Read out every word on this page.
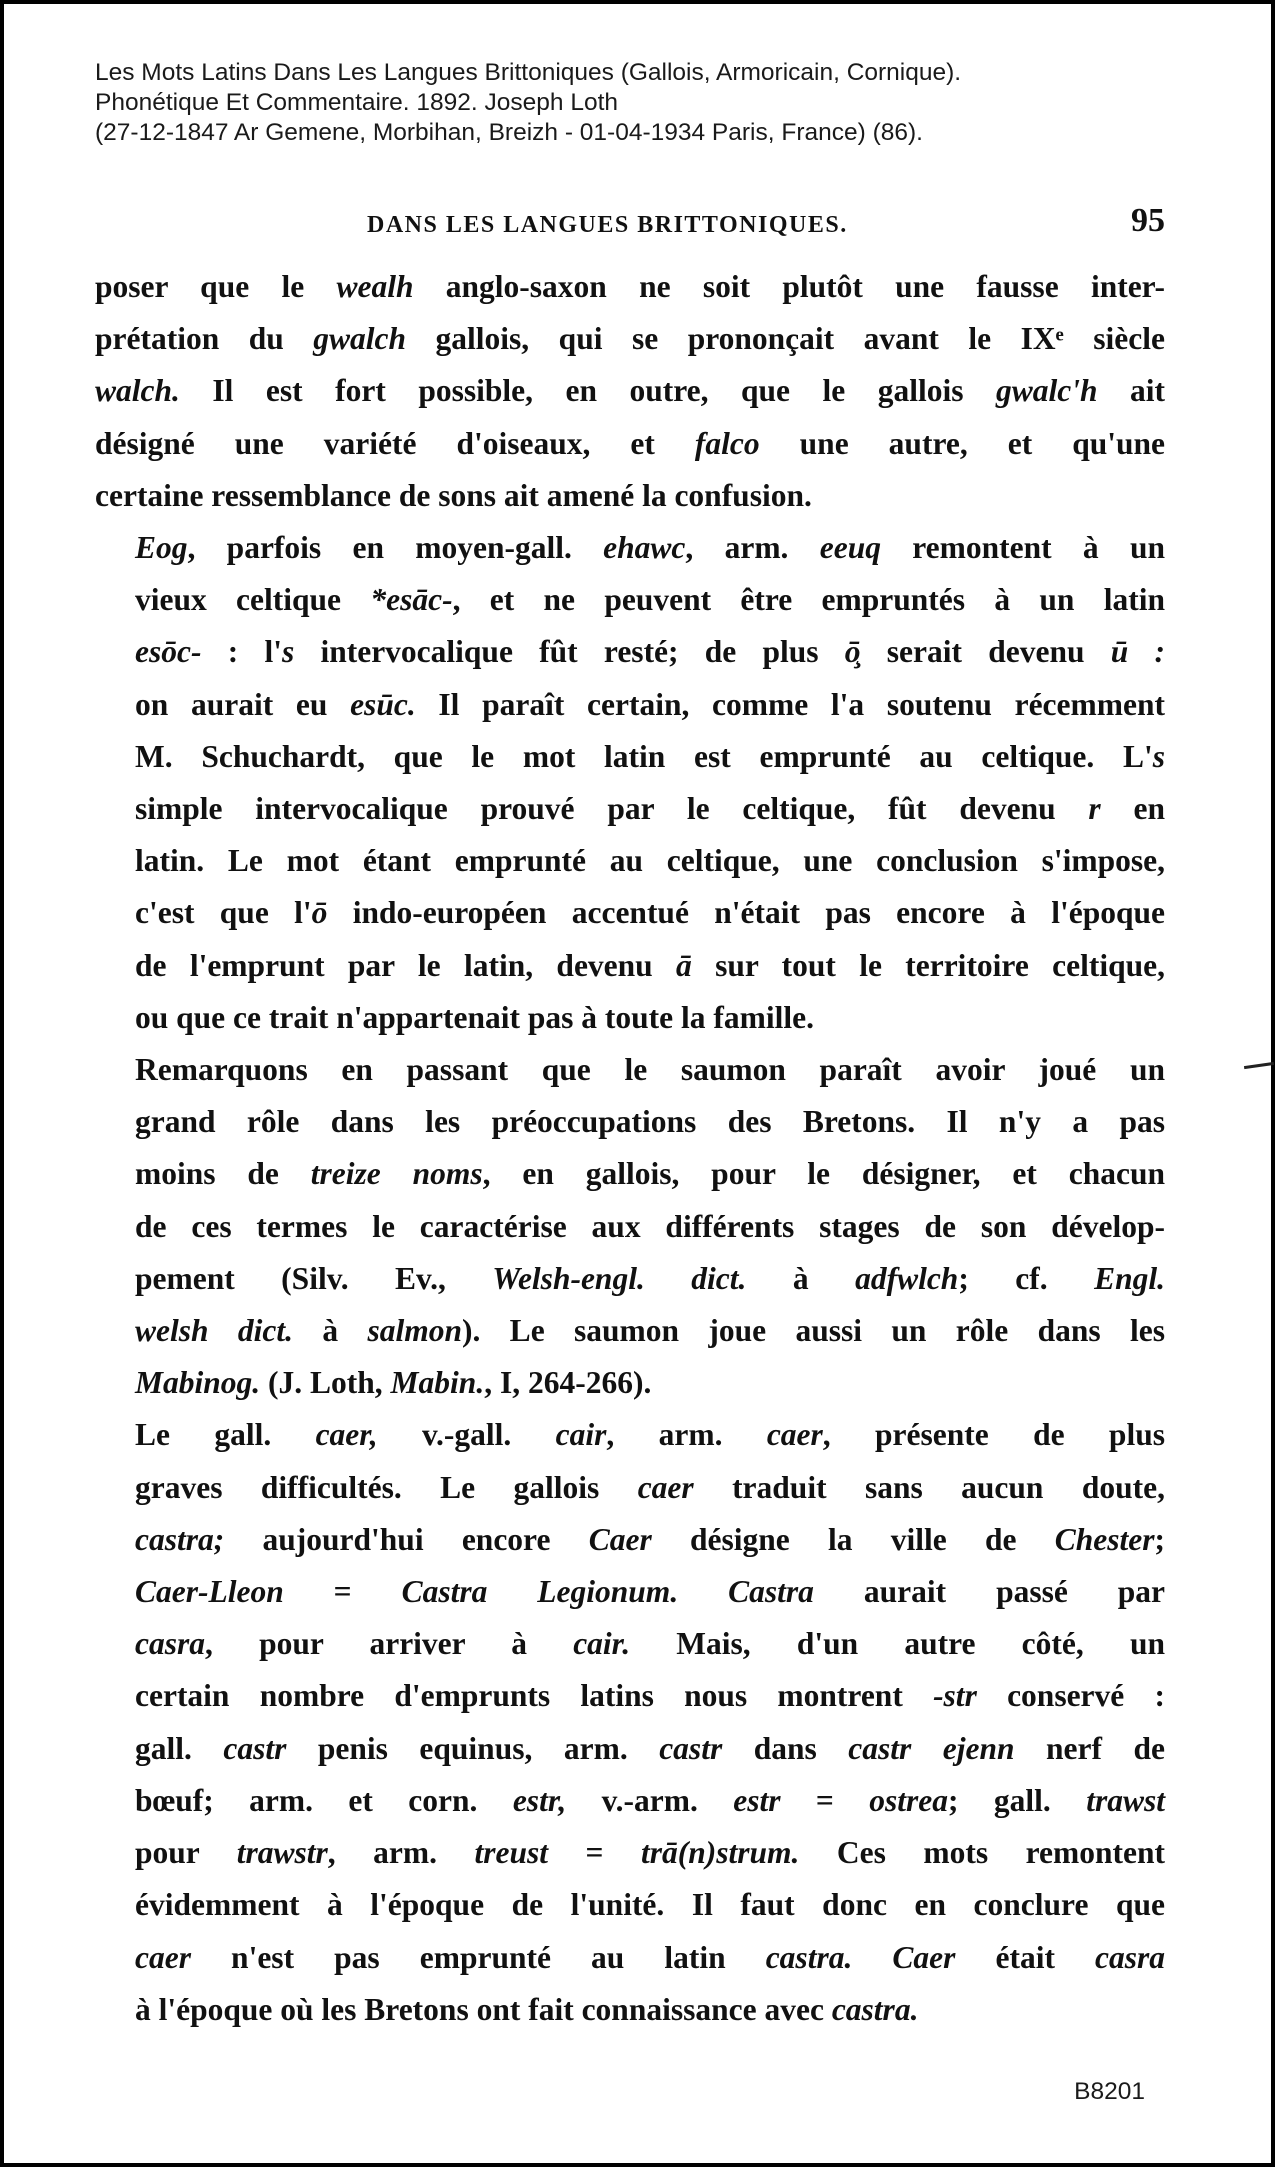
Les Mots Latins Dans Les Langues Brittoniques (Gallois, Armoricain, Cornique).
Phonétique Et Commentaire. 1892. Joseph Loth
(27-12-1847 Ar Gemene, Morbihan, Breizh - 01-04-1934 Paris, France) (86).
DANS LES LANGUES BRITTONIQUES.	95

poser que le wealh anglo-saxon ne soit plutôt une fausse inter-
prétation du gwalch gallois, qui se prononçait avant le IXᵉ siècle
walch. Il est fort possible, en outre, que le gallois gwalc'h ait
désigné une variété d'oiseaux, et falco une autre, et qu'une
certaine ressemblance de sons ait amené la confusion.

Eog, parfois en moyen-gall. ehawc, arm. eeuq remontent à un
vieux celtique *esāc-, et ne peuvent être empruntés à un latin
esōc- : l's intervocalique fût resté; de plus ō̧ serait devenu ū :
on aurait eu esūc. Il paraît certain, comme l'a soutenu récemment
M. Schuchardt, que le mot latin est emprunté au celtique. L's
simple intervocalique prouvé par le celtique, fût devenu r en
latin. Le mot étant emprunté au celtique, une conclusion s'impose,
c'est que l'ō indo-européen accentué n'était pas encore à l'époque
de l'emprunt par le latin, devenu ā sur tout le territoire celtique,
ou que ce trait n'appartenait pas à toute la famille.

Remarquons en passant que le saumon paraît avoir joué un
grand rôle dans les préoccupations des Bretons. Il n'y a pas
moins de treize noms, en gallois, pour le désigner, et chacun
de ces termes le caractérise aux différents stages de son dévelop-
pement (Silv. Ev., Welsh-engl. dict. à adfwlch; cf. Engl.
welsh dict. à salmon). Le saumon joue aussi un rôle dans les
Mabinog. (J. Loth, Mabin., I, 264-266).

Le gall. caer, v.-gall. cair, arm. caer, présente de plus
graves difficultés. Le gallois caer traduit sans aucun doute,
castra; aujourd'hui encore Caer désigne la ville de Chester;
Caer-Lleon = Castra Legionum. Castra aurait passé par
casra, pour arriver à cair. Mais, d'un autre côté, un
certain nombre d'emprunts latins nous montrent -str conservé :
gall. castr penis equinus, arm. castr dans castr ejenn nerf de
bœuf; arm. et corn. estr, v.-arm. estr = ostrea; gall. trawst
pour trawstr, arm. treust = trā(n)strum. Ces mots remontent
évidemment à l'époque de l'unité. Il faut donc en conclure que
caer n'est pas emprunté au latin castra. Caer était casra
à l'époque où les Bretons ont fait connaissance avec castra.

B8201
